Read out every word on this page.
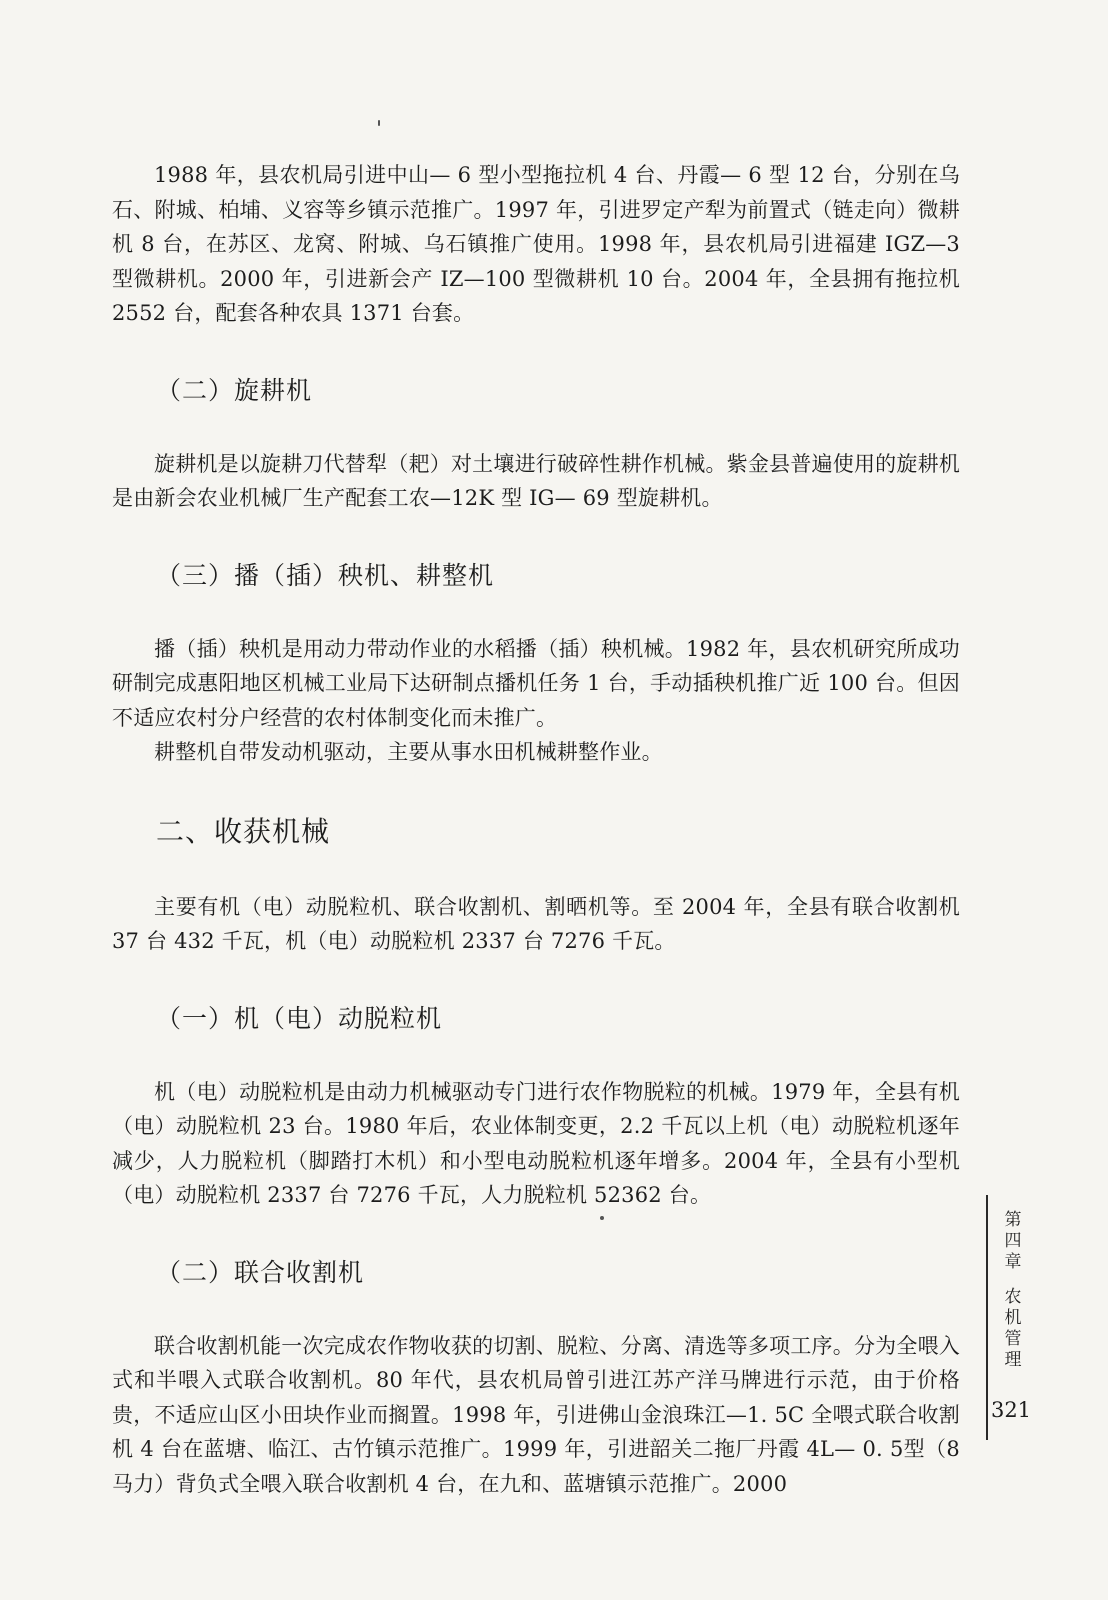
1988 年，县农机局引进中山— 6 型小型拖拉机 4 台、丹霞— 6 型 12 台，分别在乌石、附城、柏埔、义容等乡镇示范推广。1997 年，引进罗定产犁为前置式（链走向）微耕机 8 台，在苏区、龙窝、附城、乌石镇推广使用。1998 年，县农机局引进福建 IGZ—3 型微耕机。2000 年，引进新会产 IZ—100 型微耕机 10 台。2004 年，全县拥有拖拉机 2552 台，配套各种农具 1371 台套。

（二）旋耕机

旋耕机是以旋耕刀代替犁（耙）对土壤进行破碎性耕作机械。紫金县普遍使用的旋耕机是由新会农业机械厂生产配套工农—12K 型 IG— 69 型旋耕机。

（三）播（插）秧机、耕整机

播（插）秧机是用动力带动作业的水稻播（插）秧机械。1982 年，县农机研究所成功研制完成惠阳地区机械工业局下达研制点播机任务 1 台，手动插秧机推广近 100 台。但因不适应农村分户经营的农村体制变化而未推广。

耕整机自带发动机驱动，主要从事水田机械耕整作业。

二、收获机械

主要有机（电）动脱粒机、联合收割机、割晒机等。至 2004 年，全县有联合收割机 37 台 432 千瓦，机（电）动脱粒机 2337 台 7276 千瓦。

（一）机（电）动脱粒机

机（电）动脱粒机是由动力机械驱动专门进行农作物脱粒的机械。1979 年，全县有机（电）动脱粒机 23 台。1980 年后，农业体制变更，2.2 千瓦以上机（电）动脱粒机逐年减少，人力脱粒机（脚踏打木机）和小型电动脱粒机逐年增多。2004 年，全县有小型机（电）动脱粒机 2337 台 7276 千瓦，人力脱粒机 52362 台。

（二）联合收割机

联合收割机能一次完成农作物收获的切割、脱粒、分离、清选等多项工序。分为全喂入式和半喂入式联合收割机。80 年代，县农机局曾引进江苏产洋马牌进行示范，由于价格贵，不适应山区小田块作业而搁置。1998 年，引进佛山金浪珠江—1. 5C 全喂式联合收割机 4 台在蓝塘、临江、古竹镇示范推广。1999 年，引进韶关二拖厂丹霞 4L— 0. 5型（8 马力）背负式全喂入联合收割机 4 台，在九和、蓝塘镇示范推广。2000

第
四
章
农
机
管
理
321
